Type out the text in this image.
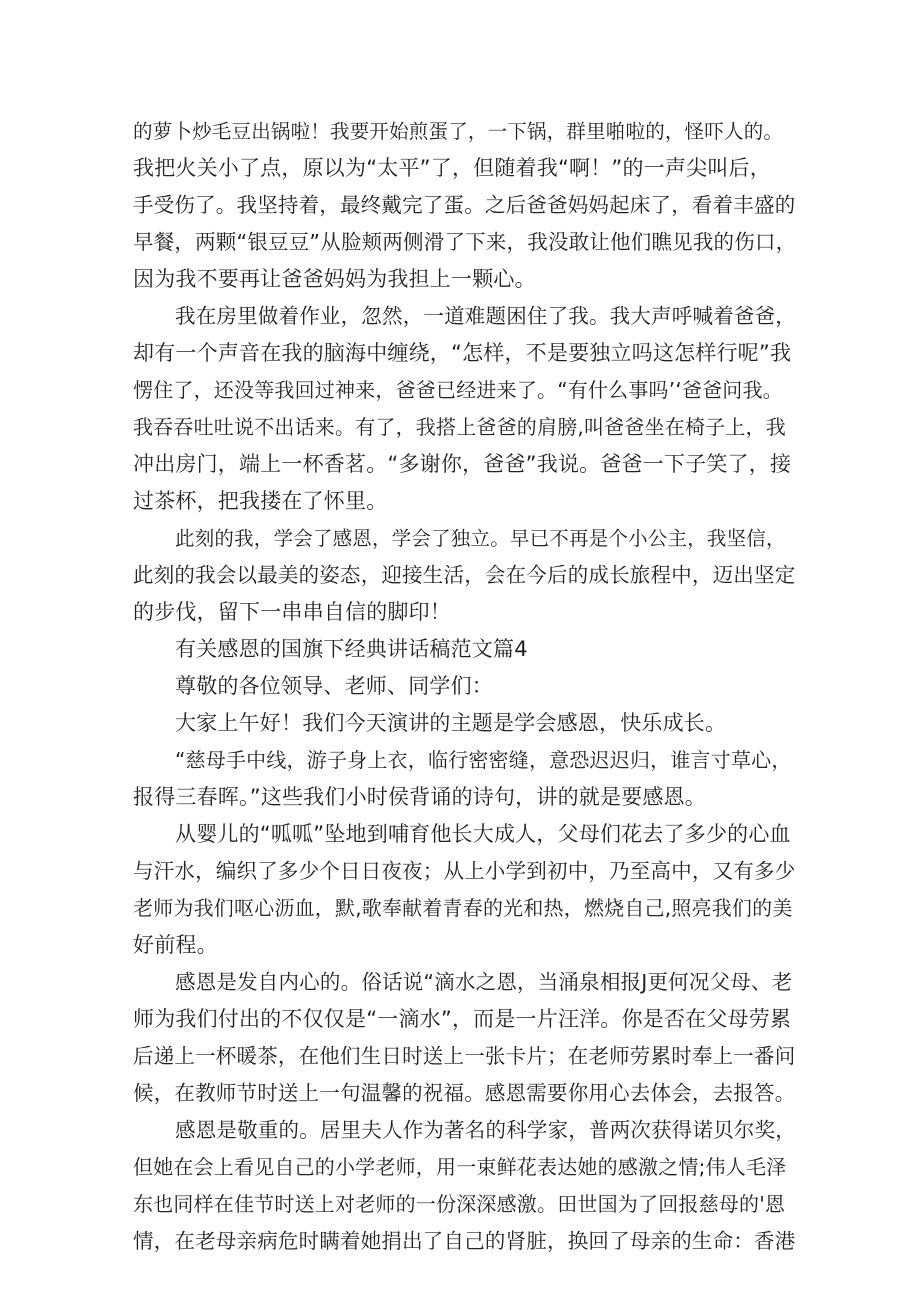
的萝卜炒毛豆出锅啦！我要开始煎蛋了，一下锅，群里啪啦的，怪吓人的。
我把火关小了点，原以为“太平”了，但随着我“啊！”的一声尖叫后，
手受伤了。我坚持着，最终戴完了蛋。之后爸爸妈妈起床了，看着丰盛的
早餐，两颗“银豆豆”从脸颊两侧滑了下来，我没敢让他们瞧见我的伤口，
因为我不要再让爸爸妈妈为我担上一颗心。
我在房里做着作业，忽然，一道难题困住了我。我大声呼喊着爸爸，
却有一个声音在我的脑海中缠绕，“怎样，不是要独立吗这怎样行呢”我
愣住了，还没等我回过神来，爸爸已经进来了。“有什么事吗’‘爸爸问我。
我吞吞吐吐说不出话来。有了，我搭上爸爸的肩膀,叫爸爸坐在椅子上，我
冲出房门，端上一杯香茗。“多谢你，爸爸”我说。爸爸一下子笑了，接
过茶杯，把我搂在了怀里。
此刻的我，学会了感恩，学会了独立。早已不再是个小公主，我坚信，
此刻的我会以最美的姿态，迎接生活，会在今后的成长旅程中，迈出坚定
的步伐，留下一串串自信的脚印！
有关感恩的国旗下经典讲话稿范文篇4
尊敬的各位领导、老师、同学们：
大家上午好！我们今天演讲的主题是学会感恩，快乐成长。
“慈母手中线，游子身上衣，临行密密缝，意恐迟迟归，谁言寸草心，
报得三春晖。”这些我们小时侯背诵的诗句，讲的就是要感恩。
从婴儿的“呱呱”坠地到哺育他长大成人，父母们花去了多少的心血
与汗水，编织了多少个日日夜夜；从上小学到初中，乃至高中，又有多少
老师为我们呕心沥血，默,歌奉献着青春的光和热，燃烧自己,照亮我们的美
好前程。
感恩是发自内心的。俗话说“滴水之恩，当涌泉相报J更何况父母、老
师为我们付出的不仅仅是“一滴水”，而是一片汪洋。你是否在父母劳累
后递上一杯暖茶，在他们生日时送上一张卡片；在老师劳累时奉上一番问
候，在教师节时送上一句温馨的祝福。感恩需要你用心去体会，去报答。
感恩是敬重的。居里夫人作为著名的科学家，普两次获得诺贝尔奖，
但她在会上看见自己的小学老师，用一束鲜花表达她的感激之情;伟人毛泽
东也同样在佳节时送上对老师的一份深深感激。田世国为了回报慈母的'恩
情，在老母亲病危时瞒着她捐出了自己的肾脏，换回了母亲的生命：香港
